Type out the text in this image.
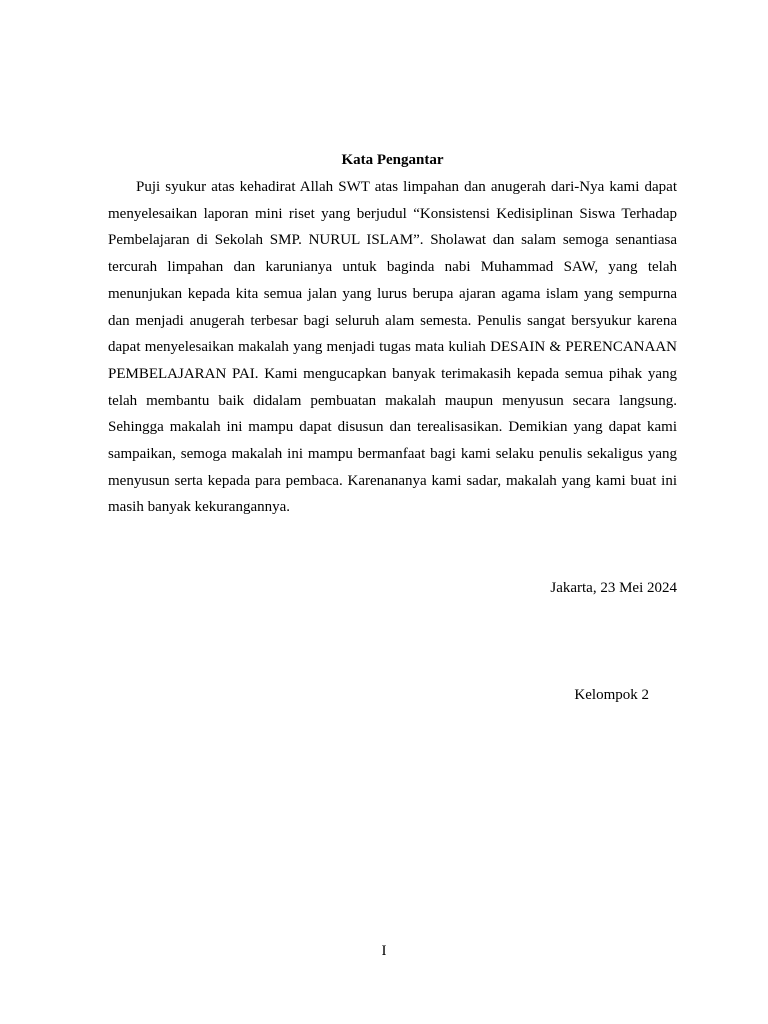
Kata Pengantar

Puji syukur atas kehadirat Allah SWT atas limpahan dan anugerah dari-Nya kami dapat menyelesaikan laporan mini riset yang berjudul “Konsistensi Kedisiplinan Siswa Terhadap Pembelajaran di Sekolah SMP. NURUL ISLAM”. Sholawat dan salam semoga senantiasa tercurah limpahan dan karunianya untuk baginda nabi Muhammad SAW, yang telah menunjukan kepada kita semua jalan yang lurus berupa ajaran agama islam yang sempurna dan menjadi anugerah terbesar bagi seluruh alam semesta. Penulis sangat bersyukur karena dapat menyelesaikan makalah yang menjadi tugas mata kuliah DESAIN & PERENCANAAN PEMBELAJARAN PAI. Kami mengucapkan banyak terimakasih kepada semua pihak yang telah membantu baik didalam pembuatan makalah maupun menyusun secara langsung. Sehingga makalah ini mampu dapat disusun dan terealisasikan. Demikian yang dapat kami sampaikan, semoga makalah ini mampu bermanfaat bagi kami selaku penulis sekaligus yang menyusun serta kepada para pembaca. Karenananya kami sadar, makalah yang kami buat ini masih banyak kekurangannya.

Jakarta, 23 Mei 2024
Kelompok 2
I
